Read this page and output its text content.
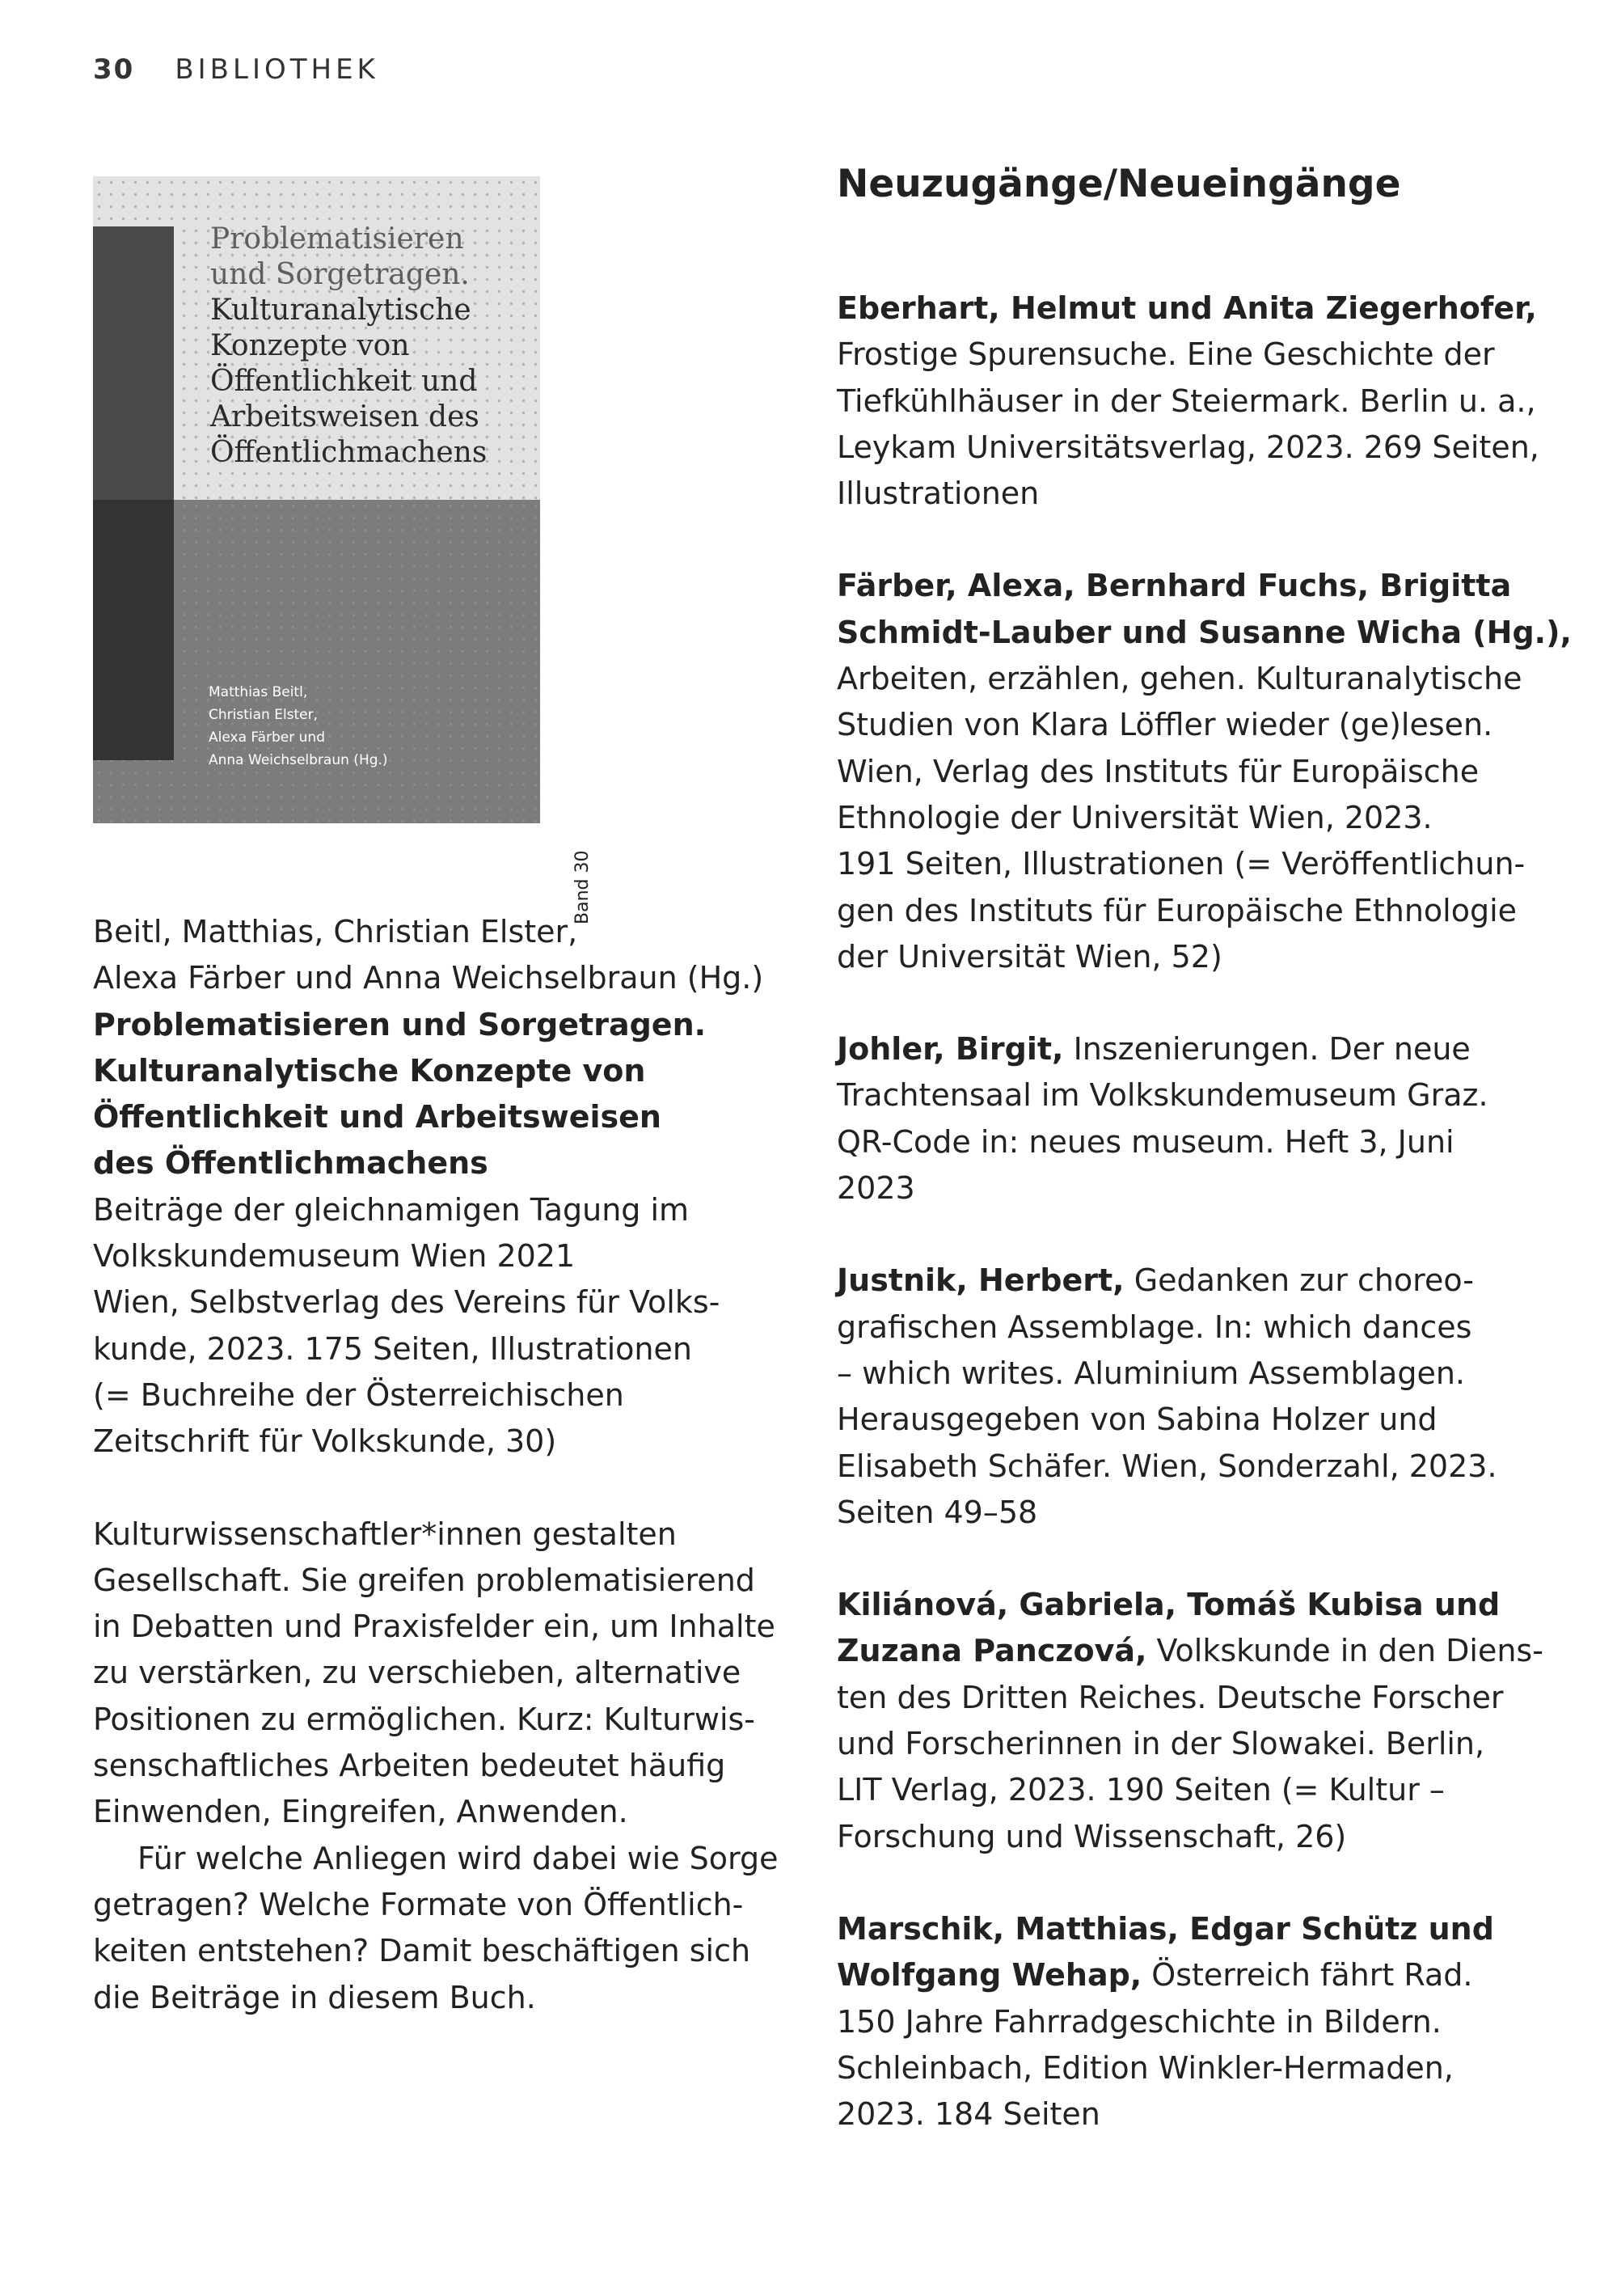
30 BIBLIOTHEK
Problematisieren
und Sorgetragen.
Kulturanalytische
Konzepte von
Öffentlichkeit und
Arbeitsweisen des
Öffentlichmachens
Matthias Beitl,
Christian Elster,
Alexa Färber und
Anna Weichselbraun (Hg.)
Band 30
Beitl, Matthias, Christian Elster,
Alexa Färber und Anna Weichselbraun (Hg.)
Problematisieren und Sorgetragen.
Kulturanalytische Konzepte von
Öffentlichkeit und Arbeitsweisen
des Öffentlichmachens
Beiträge der gleichnamigen Tagung im
Volkskundemuseum Wien 2021
Wien, Selbstverlag des Vereins für Volks-
kunde, 2023. 175 Seiten, Illustrationen
(= Buchreihe der Österreichischen
Zeitschrift für Volkskunde, 30)
Kulturwissenschaftler*innen gestalten
Gesellschaft. Sie greifen problematisierend
in Debatten und Praxisfelder ein, um Inhalte
zu verstärken, zu verschieben, alternative
Positionen zu ermöglichen. Kurz: Kulturwis-
senschaftliches Arbeiten bedeutet häufig
Einwenden, Eingreifen, Anwenden.
Für welche Anliegen wird dabei wie Sorge
getragen? Welche Formate von Öffentlich-
keiten entstehen? Damit beschäftigen sich
die Beiträge in diesem Buch.
Neuzugänge/Neueingänge
Eberhart, Helmut und Anita Ziegerhofer,
Frostige Spurensuche. Eine Geschichte der
Tiefkühlhäuser in der Steiermark. Berlin u. a.,
Leykam Universitätsverlag, 2023. 269 Seiten,
Illustrationen
Färber, Alexa, Bernhard Fuchs, Brigitta
Schmidt-Lauber und Susanne Wicha (Hg.),
Arbeiten, erzählen, gehen. Kulturanalytische
Studien von Klara Löffler wieder (ge)lesen.
Wien, Verlag des Instituts für Europäische
Ethnologie der Universität Wien, 2023.
191 Seiten, Illustrationen (= Veröffentlichun-
gen des Instituts für Europäische Ethnologie
der Universität Wien, 52)
Johler, Birgit, Inszenierungen. Der neue
Trachtensaal im Volkskundemuseum Graz.
QR-Code in: neues museum. Heft 3, Juni
2023
Justnik, Herbert, Gedanken zur choreo-
grafischen Assemblage. In: which dances
– which writes. Aluminium Assemblagen.
Herausgegeben von Sabina Holzer und
Elisabeth Schäfer. Wien, Sonderzahl, 2023.
Seiten 49–58
Kiliánová, Gabriela, Tomáš Kubisa und
Zuzana Panczová, Volkskunde in den Diens-
ten des Dritten Reiches. Deutsche Forscher
und Forscherinnen in der Slowakei. Berlin,
LIT Verlag, 2023. 190 Seiten (= Kultur –
Forschung und Wissenschaft, 26)
Marschik, Matthias, Edgar Schütz und
Wolfgang Wehap, Österreich fährt Rad.
150 Jahre Fahrradgeschichte in Bildern.
Schleinbach, Edition Winkler-Hermaden,
2023. 184 Seiten
